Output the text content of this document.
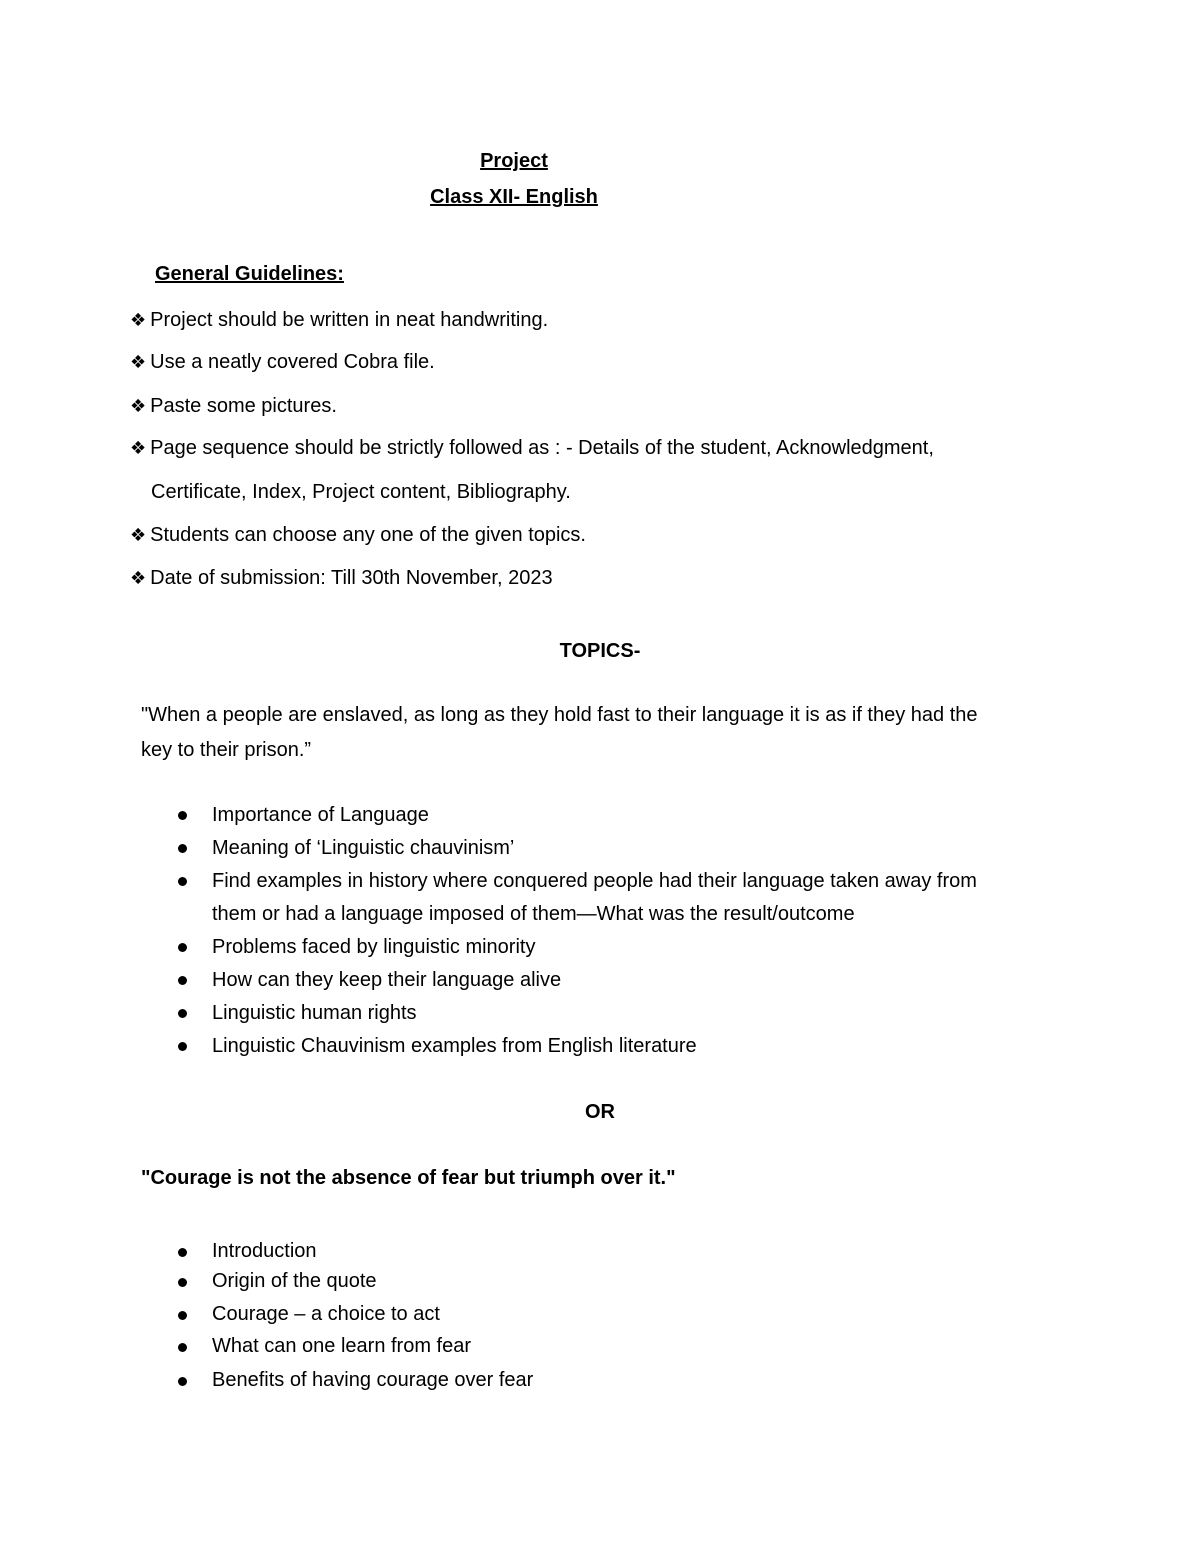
Project
Class XII- English
General Guidelines:
❖ Project should be written in neat handwriting.
❖ Use a neatly covered Cobra file.
❖ Paste some pictures.
❖ Page sequence should be strictly followed as : - Details of the student, Acknowledgment,
Certificate, Index, Project content, Bibliography.
❖ Students can choose any one of the given topics.
❖ Date of submission: Till 30th November, 2023
TOPICS-
"When a people are enslaved, as long as they hold fast to their language it is as if they had the
key to their prison.”
Importance of Language
Meaning of ‘Linguistic chauvinism’
Find examples in history where conquered people had their language taken away from
them or had a language imposed of them—What was the result/outcome
Problems faced by linguistic minority
How can they keep their language alive
Linguistic human rights
Linguistic Chauvinism examples from English literature
OR
"Courage is not the absence of fear but triumph over it."
Introduction
Origin of the quote
Courage – a choice to act
What can one learn from fear
Benefits of having courage over fear
